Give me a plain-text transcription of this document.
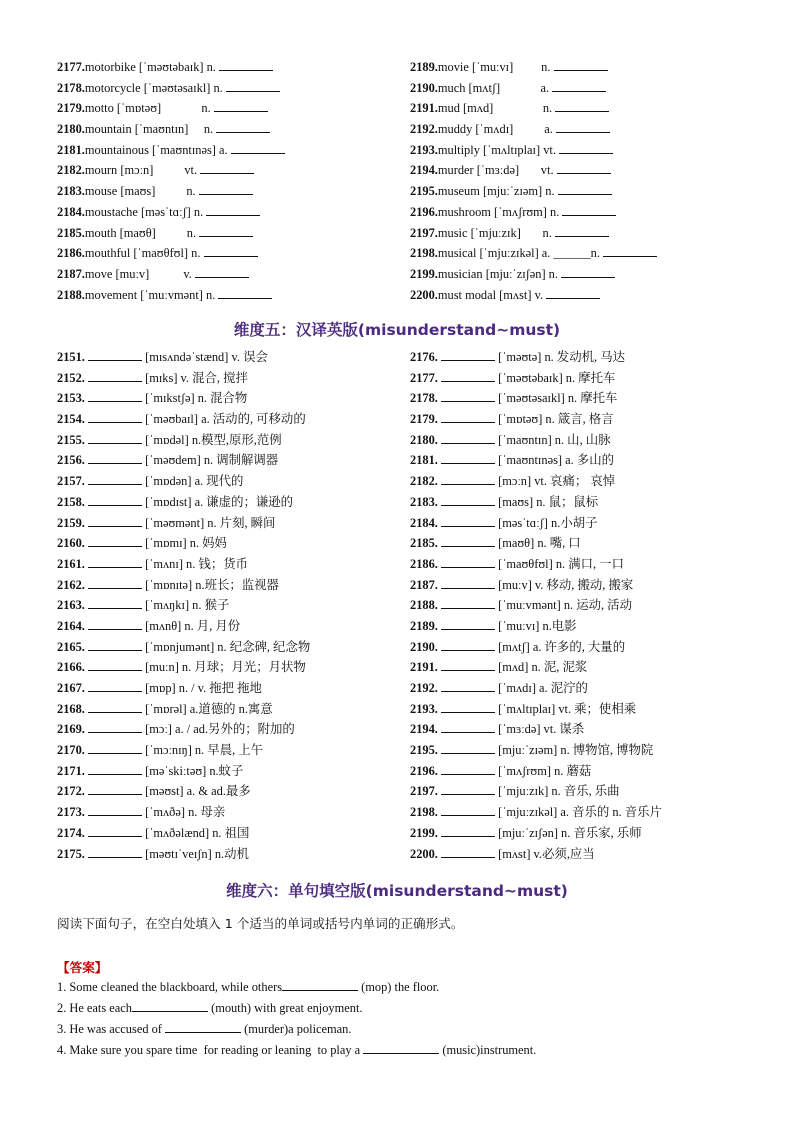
2177.motorbike [ˈməʊtəbaɪk] n.
2178.motorcycle [ˈməʊtəsaɪkl] n.
2179.motto [ˈmɒtəʊ]             n.
2180.mountain [ˈmaʊntɪn]     n.
2181.mountainous [ˈmaʊntɪnəs] a.
2182.mourn [mɔːn]          vt.
2183.mouse [maʊs]          n.
2184.moustache [məsˈtɑːʃ] n.
2185.mouth [maʊθ]          n.
2186.mouthful [ˈmaʊθfʊl] n.
2187.move [muːv]           v.
2188.movement [ˈmuːvmənt] n.
2189.movie [ˈmuːvɪ]         n.
2190.much [mʌtʃ]             a.
2191.mud [mʌd]                n.
2192.muddy [ˈmʌdɪ]          a.
2193.multiply [ˈmʌltɪplaɪ] vt.
2194.murder [ˈmɜːdə]       vt.
2195.museum [mjuːˈzɪəm] n.
2196.mushroom [ˈmʌʃrʊm] n.
2197.music [ˈmjuːzɪk]       n.
2198.musical [ˈmjuːzɪkəl] a. ______n.
2199.musician [mjuːˈzɪʃən] n.
2200.must modal [mʌst] v.
维度五：汉译英版(misunderstand~must)
2151.	[mɪsʌndəˈstænd] v. 误会
2152.	[mɪks] v. 混合, 搅拌
2153.	[ˈmɪkstʃə] n. 混合物
2154.	[ˈməʊbaɪl] a. 活动的, 可移动的
2155.	[ˈmɒdəl] n.模型,原形,范例
2156.	[ˈməʊdem] n. 调制解调器
2157.	[ˈmɒdən] a. 现代的
2158.	[ˈmɒdɪst] a. 谦虚的；谦逊的
2159.	[ˈməʊmənt] n. 片刻, 瞬间
2160.	[ˈmɒmɪ] n. 妈妈
2161.	[ˈmʌnɪ] n. 钱；货币
2162.	[ˈmɒnɪtə] n.班长；监视器
2163.	[ˈmʌŋkɪ] n. 猴子
2164.	[mʌnθ] n. 月, 月份
2165.	[ˈmɒnjumənt] n. 纪念碑, 纪念物
2166.	[muːn] n. 月球；月光；月状物
2167.	[mɒp] n. / v. 拖把 拖地
2168.	[ˈmɒrəl] a.道德的 n.寓意
2169.	[mɔː] a. / ad.另外的；附加的
2170.	[ˈmɔːnɪŋ] n. 早晨, 上午
2171.	[məˈskiːtəʊ] n.蚊子
2172.	[məʊst] a. & ad.最多
2173.	[ˈmʌðə] n. 母亲
2174.	[ˈmʌðəlænd] n. 祖国
2175.	[məʊtɪˈveɪʃn] n.动机
2176.	[ˈməʊtə] n. 发动机, 马达
2177.	[ˈməʊtəbaɪk] n. 摩托车
2178.	[ˈməʊtəsaɪkl] n. 摩托车
2179.	[ˈmɒtəʊ] n. 箴言, 格言
2180.	[ˈmaʊntɪn] n. 山, 山脉
2181.	[ˈmaʊntɪnəs] a. 多山的
2182.	[mɔːn] vt. 哀痛； 哀悼
2183.	[maʊs] n. 鼠；鼠标
2184.	[məsˈtɑːʃ] n.小胡子
2185.	[maʊθ] n. 嘴, 口
2186.	[ˈmaʊθfʊl] n. 满口, 一口
2187.	[muːv] v. 移动, 搬动, 搬家
2188.	[ˈmuːvmənt] n. 运动, 活动
2189.	[ˈmuːvɪ] n.电影
2190.	[mʌtʃ] a. 许多的, 大量的
2191.	[mʌd] n. 泥, 泥浆
2192.	[ˈmʌdɪ] a. 泥泞的
2193.	[ˈmʌltɪplaɪ] vt. 乘；使相乘
2194.	[ˈmɜːdə] vt. 谋杀
2195.	[mjuːˈzɪəm] n. 博物馆, 博物院
2196.	[ˈmʌʃrʊm] n. 蘑菇
2197.	[ˈmjuːzɪk] n. 音乐, 乐曲
2198.	[ˈmjuːzɪkəl] a. 音乐的 n. 音乐片
2199.	[mjuːˈzɪʃən] n. 音乐家, 乐师
2200.	[mʌst] v.必须,应当
维度六：单句填空版(misunderstand~must)
阅读下面句子，在空白处填入 1 个适当的单词或括号内单词的正确形式。
【答案】
1. Some cleaned the blackboard, while others	(mop) the floor.
2. He eats each	(mouth) with great enjoyment.
3. He was accused of	(murder)a policeman.
4. Make sure you spare time  for reading or leaning  to play a	(music)instrument.
